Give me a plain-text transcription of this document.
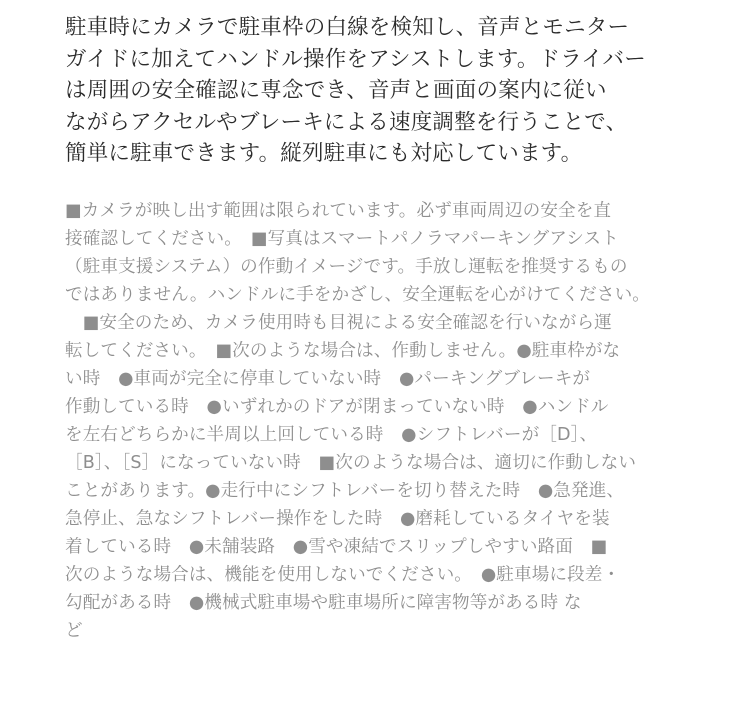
駐車時にカメラで駐車枠の白線を検知し、音声とモニター
ガイドに加えてハンドル操作をアシストします。ドライバー
は周囲の安全確認に専念でき、音声と画面の案内に従い
ながらアクセルやブレーキによる速度調整を行うことで、
簡単に駐車できます。縦列駐車にも対応しています。
■カメラが映し出す範囲は限られています。必ず車両周辺の安全を直
接確認してください。　■写真はスマートパノラマパーキングアシスト
（駐車支援システム）の作動イメージです。手放し運転を推奨するもの
ではありません。ハンドルに手をかざし、安全運転を心がけてください。
　■安全のため、カメラ使用時も目視による安全確認を行いながら運
転してください。　■次のような場合は、作動しません。●駐車枠がな
い時　●車両が完全に停車していない時　●パーキングブレーキが
作動している時　●いずれかのドアが閉まっていない時　●ハンドル
を左右どちらかに半周以上回している時　●シフトレバーが［D］、
［B］、［S］になっていない時　■次のような場合は、適切に作動しない
ことがあります。●走行中にシフトレバーを切り替えた時　●急発進、
急停止、急なシフトレバー操作をした時　●磨耗しているタイヤを装
着している時　●未舗装路　●雪や凍結でスリップしやすい路面　■
次のような場合は、機能を使用しないでください。　●駐車場に段差・
勾配がある時　●機械式駐車場や駐車場所に障害物等がある時 な
ど
